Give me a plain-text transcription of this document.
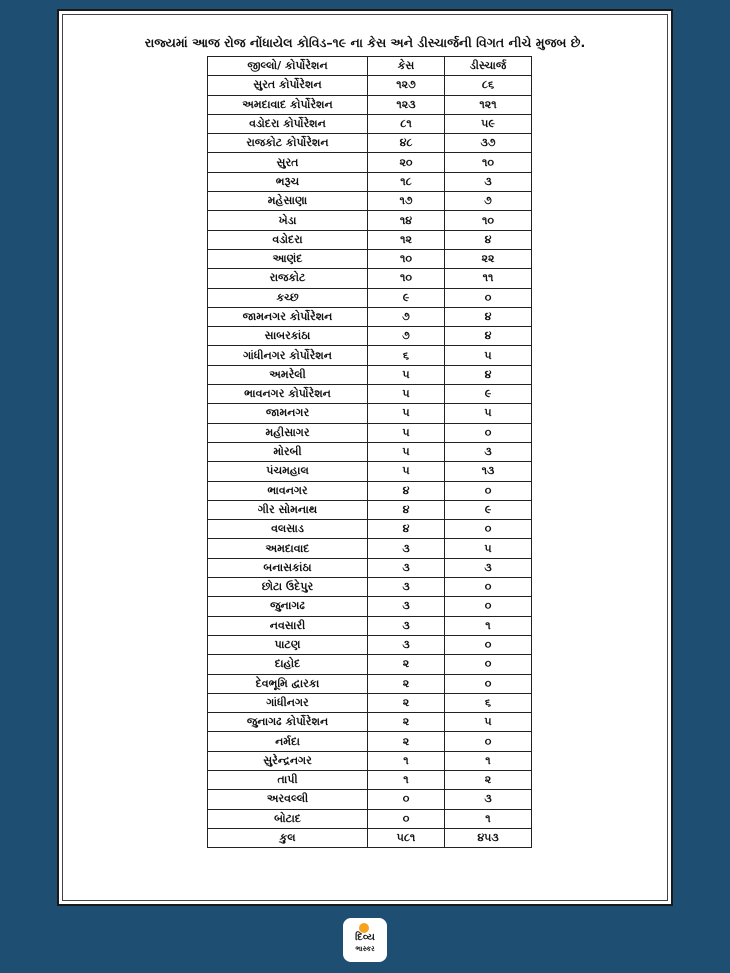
રાજ્યમાં આજ રોજ નોંધાયેલ કોવિડ–૧૯ ના કેસ અને ડીસ્ચાર્જની વિગત નીચે મુજબ છે.
જીલ્લો/ કોર્પોરેશન	કેસ	ડીસ્ચાર્જ
સુરત કોર્પોરેશન	૧૨૭	૮૬
અમદાવાદ કોર્પોરેશન	૧૨૩	૧૨૧
વડોદરા કોર્પોરેશન	૮૧	૫૯
રાજકોટ કોર્પોરેશન	૪૮	૩૭
સુરત	૨૦	૧૦
ભરૂચ	૧૮	૩
મહેસાણા	૧૭	૭
ખેડા	૧૪	૧૦
વડોદરા	૧૨	૪
આણંદ	૧૦	૨૨
રાજકોટ	૧૦	૧૧
કચ્છ	૯	૦
જામનગર કોર્પોરેશન	૭	૪
સાબરકાંઠા	૭	૪
ગાંધીનગર કોર્પોરેશન	૬	૫
અમરેલી	૫	૪
ભાવનગર કોર્પોરેશન	૫	૯
જામનગર	૫	૫
મહીસાગર	૫	૦
મોરબી	૫	૩
પંચમહાલ	૫	૧૩
ભાવનગર	૪	૦
ગીર સોમનાથ	૪	૯
વલસાડ	૪	૦
અમદાવાદ	૩	૫
બનાસકાંઠા	૩	૩
છોટા ઉદેપુર	૩	૦
જુનાગઢ	૩	૦
નવસારી	૩	૧
પાટણ	૩	૦
દાહોદ	૨	૦
દેવભૂમિ દ્વારકા	૨	૦
ગાંધીનગર	૨	૬
જુનાગઢ કોર્પોરેશન	૨	૫
નર્મદા	૨	૦
સુરેન્દ્રનગર	૧	૧
તાપી	૧	૨
અરવલ્લી	૦	૩
બોટાદ	૦	૧
કુલ	૫૮૧	૪૫૩
દિવ્ય
ભાસ્કર
